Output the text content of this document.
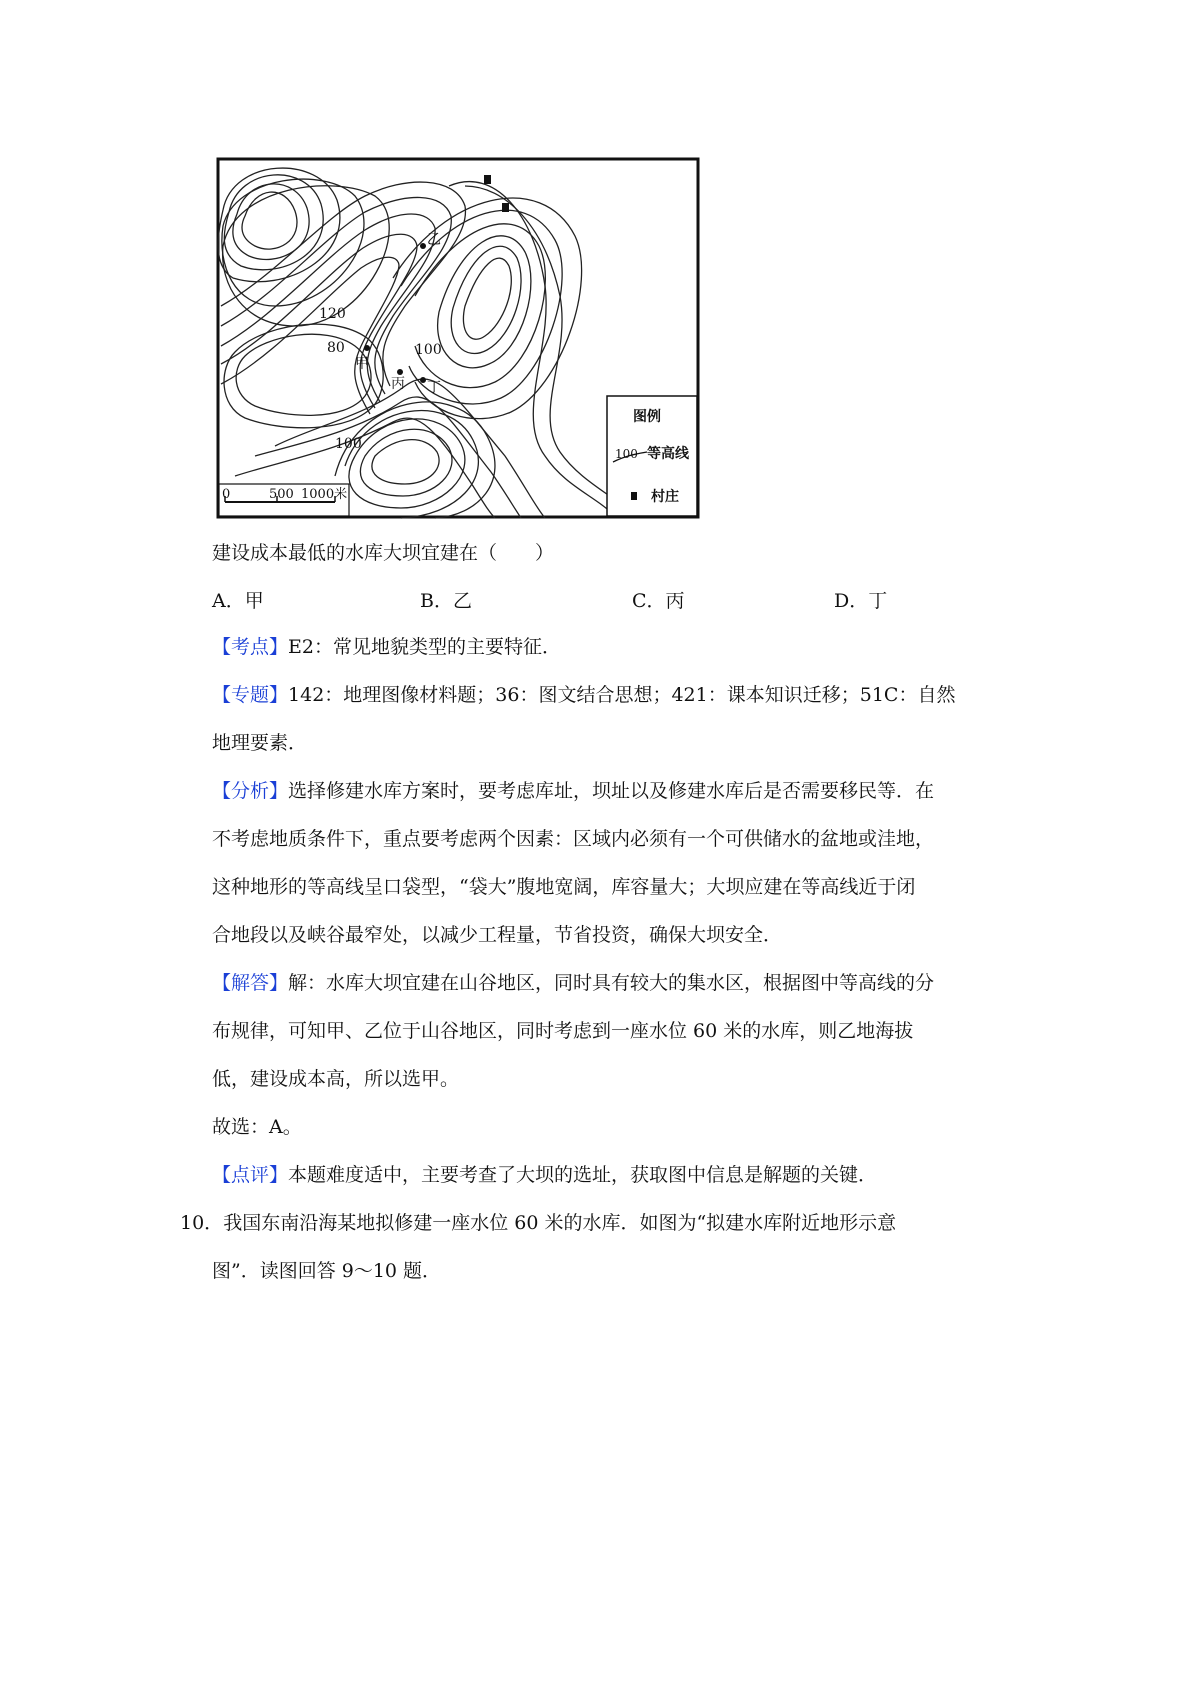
甲
乙
丙 丁
120
80	100
100
0	500 1000米
图例
100 等高线
村庄
建设成本最低的水库大坝宜建在（　　）
A．甲	B．乙	C．丙	D．丁
【考点】E2：常见地貌类型的主要特征．
【专题】142：地理图像材料题；36：图文结合思想；421：课本知识迁移；51C：自然
地理要素．
【分析】选择修建水库方案时，要考虑库址，坝址以及修建水库后是否需要移民等．在
不考虑地质条件下，重点要考虑两个因素：区域内必须有一个可供储水的盆地或洼地，
这种地形的等高线呈口袋型，“袋大”腹地宽阔，库容量大；大坝应建在等高线近于闭
合地段以及峡谷最窄处，以减少工程量，节省投资，确保大坝安全．
【解答】解：水库大坝宜建在山谷地区，同时具有较大的集水区，根据图中等高线的分
布规律，可知甲、乙位于山谷地区，同时考虑到一座水位 60 米的水库，则乙地海拔
低，建设成本高，所以选甲。
故选：A。
【点评】本题难度适中，主要考查了大坝的选址，获取图中信息是解题的关键．
10．我国东南沿海某地拟修建一座水位 60 米的水库．如图为“拟建水库附近地形示意
图”．读图回答 9～10 题．
